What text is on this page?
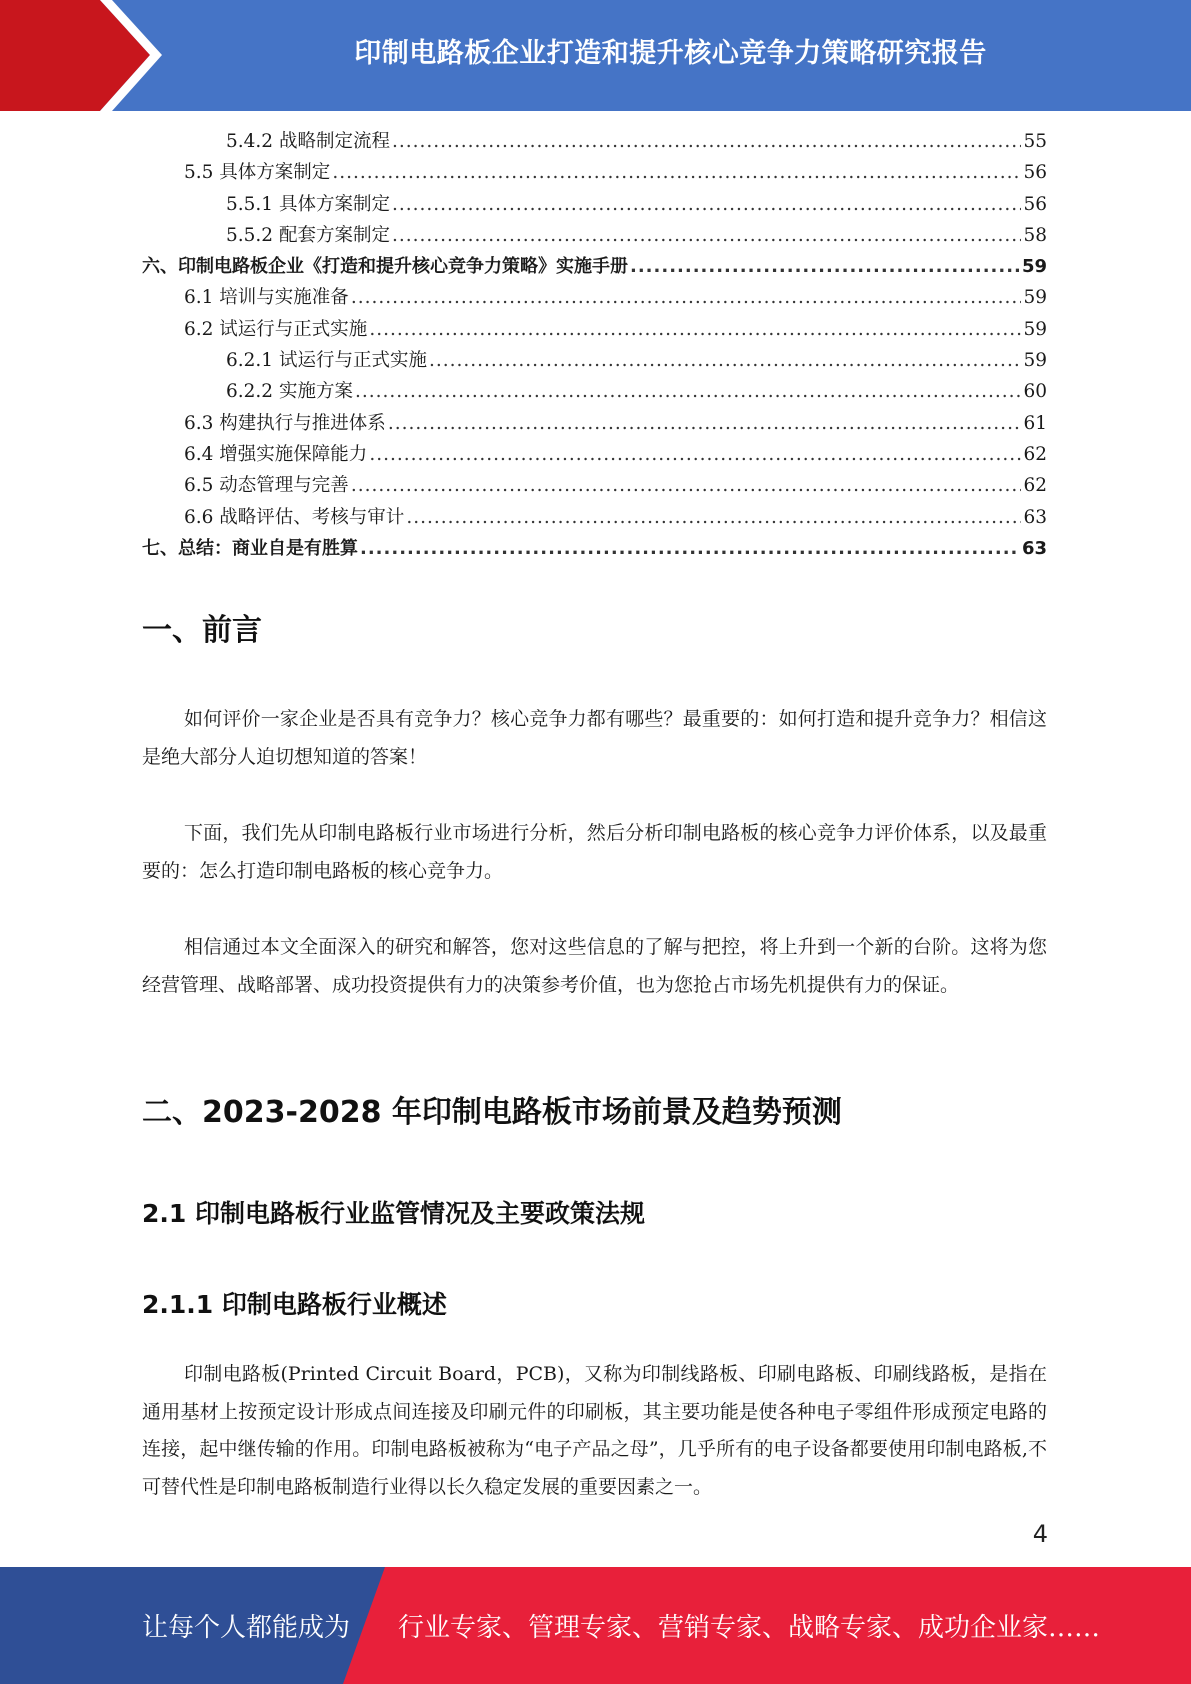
印制电路板企业打造和提升核心竞争力策略研究报告
5.4.2 战略制定流程 .....	55
5.5 具体方案制定 .....	56
5.5.1 具体方案制定 .....	56
5.5.2 配套方案制定 .....	58
六、印制电路板企业《打造和提升核心竞争力策略》实施手册 .....	59
6.1 培训与实施准备 .....	59
6.2 试运行与正式实施 .....	59
6.2.1 试运行与正式实施 .....	59
6.2.2 实施方案 .....	60
6.3 构建执行与推进体系 .....	61
6.4 增强实施保障能力 .....	62
6.5 动态管理与完善 .....	62
6.6 战略评估、考核与审计 .....	63
七、总结：商业自是有胜算 .....	63
一、前言
如何评价一家企业是否具有竞争力？核心竞争力都有哪些？最重要的：如何打造和提升竞争力？相信这是绝大部分人迫切想知道的答案！
下面，我们先从印制电路板行业市场进行分析，然后分析印制电路板的核心竞争力评价体系，以及最重要的：怎么打造印制电路板的核心竞争力。
相信通过本文全面深入的研究和解答，您对这些信息的了解与把控，将上升到一个新的台阶。这将为您经营管理、战略部署、成功投资提供有力的决策参考价值，也为您抢占市场先机提供有力的保证。
二、2023-2028 年印制电路板市场前景及趋势预测
2.1 印制电路板行业监管情况及主要政策法规
2.1.1 印制电路板行业概述
印制电路板(Printed Circuit Board，PCB)，又称为印制线路板、印刷电路板、印刷线路板，是指在通用基材上按预定设计形成点间连接及印刷元件的印刷板，其主要功能是使各种电子零组件形成预定电路的连接，起中继传输的作用。印制电路板被称为“电子产品之母”，几乎所有的电子设备都要使用印制电路板,不可替代性是印制电路板制造行业得以长久稳定发展的重要因素之一。
4
让每个人都能成为 行业专家、管理专家、营销专家、战略专家、成功企业家……
